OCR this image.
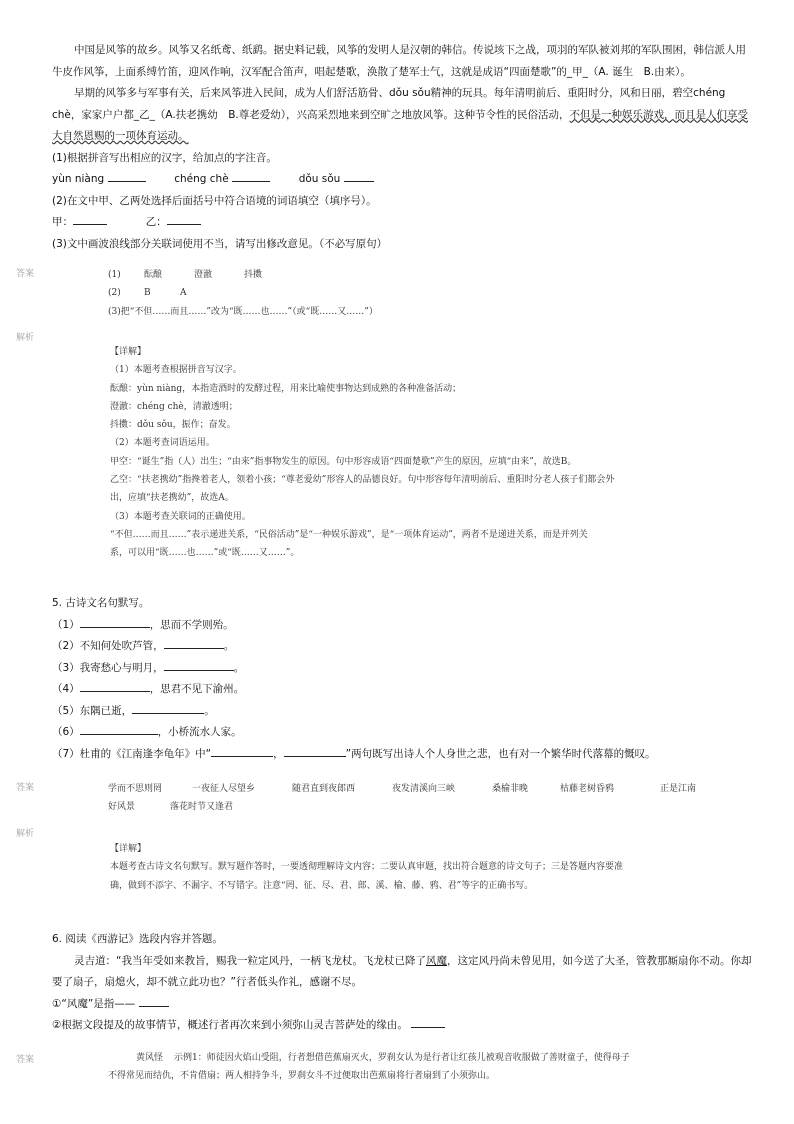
中国是风筝的故乡。风筝又名纸鸢、纸鹞。据史料记载，风筝的发明人是汉朝的韩信。传说垓下之战，项羽的军队被刘邦的军队围困，韩信派人用牛皮作风筝，上面系缚竹笛，迎风作响，汉军配合笛声，唱起楚歌，涣散了楚军士气，这就是成语“四面楚歌”的_甲_（A. 诞生　B.由来）。

早期的风筝多与军事有关，后来风筝进入民间，成为人们舒活筋骨、dǒu sǒu精神的玩具。每年清明前后、重阳时分，风和日丽，碧空chéng chè，家家户户都_乙_（A.扶老携幼　B.尊老爱幼），兴高采烈地来到空旷之地放风筝。这种节令性的民俗活动，不但是一种娱乐游戏，而且是人们享受大自然恩赐的一项体育运动。

(1)根据拼音写出相应的汉字，给加点的字注音。

yùn niàng	chéng chè	dǒu sǒu

(2)在文中甲、乙两处选择后面括号中符合语境的词语填空（填序号）。

甲：	乙：

(3)文中画波浪线部分关联词使用不当，请写出修改意见。（不必写原句）

答案	(1)	酝酿	澄澈	抖擞

(2)	B	A

(3)把“不但……而且……”改为“既……也……”（或“既……又……”）

解析

【详解】

（1）本题考查根据拼音写汉字。

酝酿：yùn niàng，本指造酒时的发酵过程，用来比喻使事物达到成熟的各种准备活动；

澄澈：chéng chè，清澈透明；

抖擞：dǒu sǒu，振作；奋发。

（2）本题考查词语运用。

甲空：“诞生”指（人）出生；“由来”指事物发生的原因。句中形容成语“四面楚歌”产生的原因，应填“由来”，故选B。

乙空：“扶老携幼”指搀着老人，领着小孩；“尊老爱幼”形容人的品德良好。句中形容每年清明前后、重阳时分老人孩子们都会外

出，应填“扶老携幼”，故选A。

（3）本题考查关联词的正确使用。

“不但……而且……”表示递进关系，“民俗活动”是“一种娱乐游戏”，是“一项体育运动”，两者不是递进关系，而是并列关

系，可以用“既……也……”或“既……又……”。

5. 古诗文名句默写。

（1）	，思而不学则殆。

（2）不知何处吹芦管，	。

（3）我寄愁心与明月，	。

（4）	，思君不见下渝州。

（5）东隅已逝，	。

（6）	，小桥流水人家。

（7）杜甫的《江南逢李龟年》中“	，	”两句既写出诗人个人身世之悲，也有对一个繁华时代落幕的慨叹。

答案	学而不思则罔	一夜征人尽望乡	随君直到夜郎西	夜发清溪向三峡	桑榆非晚	枯藤老树昏鸦	正是江南

好风景	落花时节又逢君

解析

【详解】

本题考查古诗文名句默写。默写题作答时，一要透彻理解诗文内容；二要认真审题，找出符合题意的诗文句子；三是答题内容要准

确，做到不添字、不漏字、不写错字。注意“罔、征、尽、君、郎、溪、榆、藤、鸦、君”等字的正确书写。

6. 阅读《西游记》选段内容并答题。

灵吉道：“我当年受如来教旨，赐我一粒定风丹，一柄飞龙杖。飞龙杖已降了风魔，这定风丹尚未曾见用，如今送了大圣，管教那厮扇你不动。你却要了扇子，扇熄火，却不就立此功也？”行者低头作礼，感谢不尽。

①“风魔”是指——

②根据文段提及的故事情节，概述行者再次来到小须弥山灵吉菩萨处的缘由。

答案	黄风怪 示例1：师徒因火焰山受阻，行者想借芭蕉扇灭火，罗刹女认为是行者让红孩儿被观音收服做了善财童子，使得母子

不得常见而结仇，不肯借扇；两人相持争斗，罗刹女斗不过便取出芭蕉扇将行者扇到了小须弥山。
